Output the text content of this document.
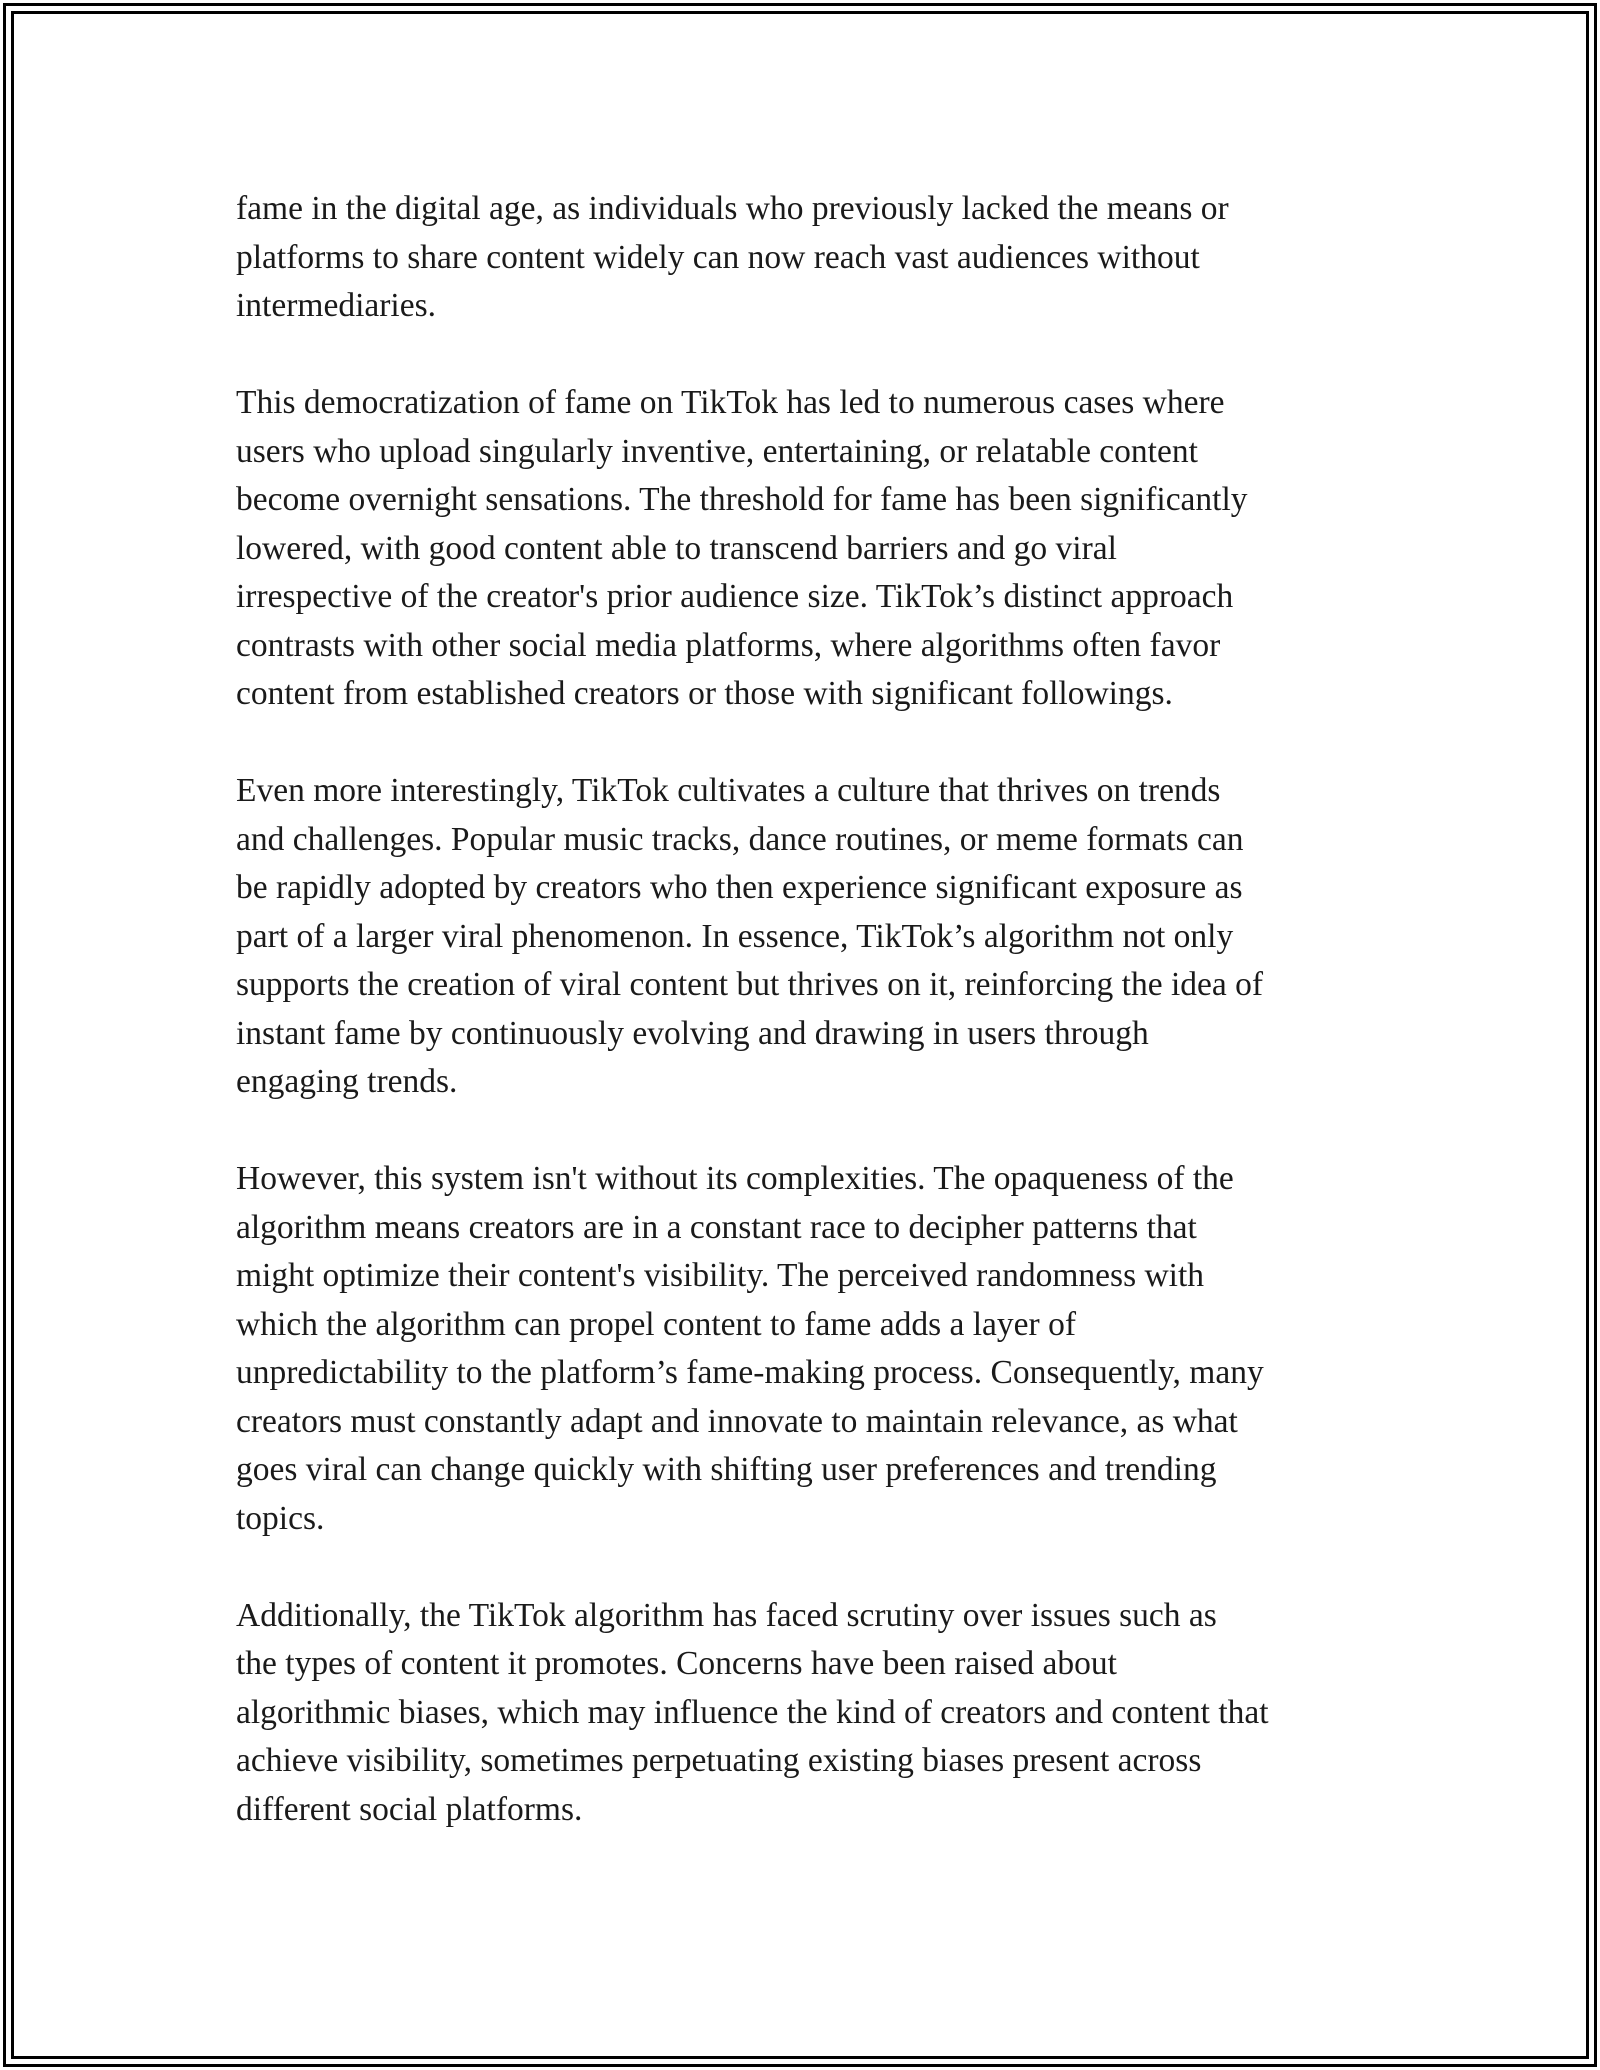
fame in the digital age, as individuals who previously lacked the means or
platforms to share content widely can now reach vast audiences without
intermediaries.

This democratization of fame on TikTok has led to numerous cases where
users who upload singularly inventive, entertaining, or relatable content
become overnight sensations. The threshold for fame has been significantly
lowered, with good content able to transcend barriers and go viral
irrespective of the creator's prior audience size. TikTok’s distinct approach
contrasts with other social media platforms, where algorithms often favor
content from established creators or those with significant followings.

Even more interestingly, TikTok cultivates a culture that thrives on trends
and challenges. Popular music tracks, dance routines, or meme formats can
be rapidly adopted by creators who then experience significant exposure as
part of a larger viral phenomenon. In essence, TikTok’s algorithm not only
supports the creation of viral content but thrives on it, reinforcing the idea of
instant fame by continuously evolving and drawing in users through
engaging trends.

However, this system isn't without its complexities. The opaqueness of the
algorithm means creators are in a constant race to decipher patterns that
might optimize their content's visibility. The perceived randomness with
which the algorithm can propel content to fame adds a layer of
unpredictability to the platform’s fame-making process. Consequently, many
creators must constantly adapt and innovate to maintain relevance, as what
goes viral can change quickly with shifting user preferences and trending
topics.

Additionally, the TikTok algorithm has faced scrutiny over issues such as
the types of content it promotes. Concerns have been raised about
algorithmic biases, which may influence the kind of creators and content that
achieve visibility, sometimes perpetuating existing biases present across
different social platforms.
